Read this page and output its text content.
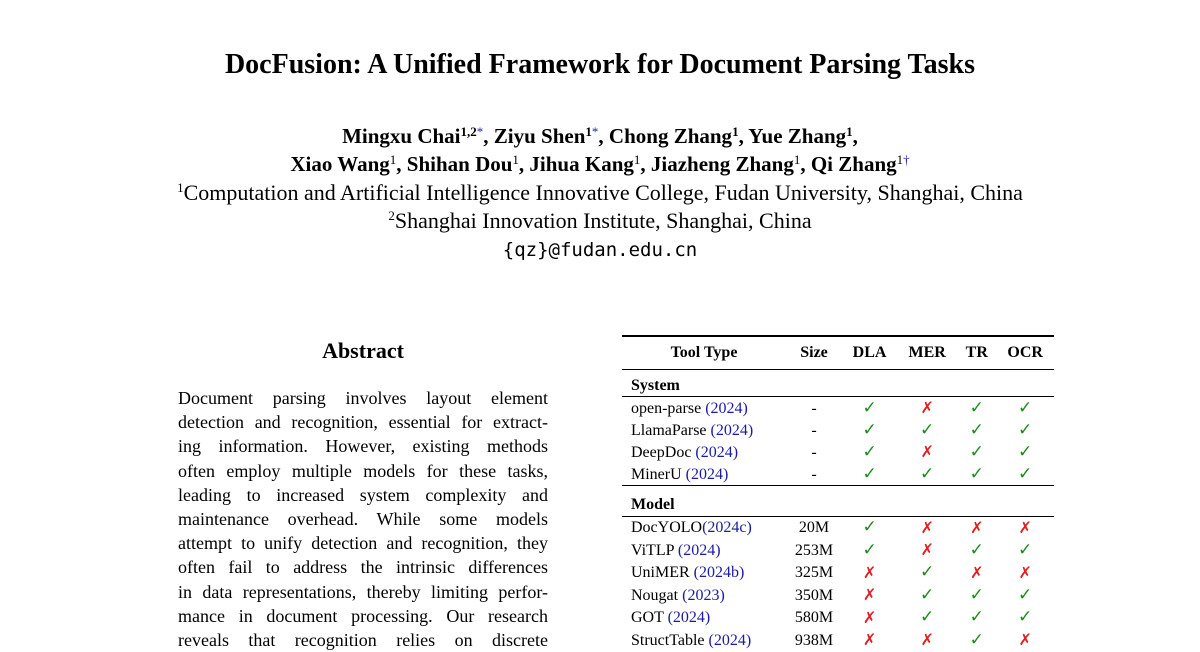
DocFusion: A Unified Framework for Document Parsing Tasks
Mingxu Chai$^{1,2*}$, Ziyu Shen$^{1*}$, Chong Zhang$^1$, Yue Zhang$^1$,
Xiao Wang$^1$, Shihan Dou$^1$, Jihua Kang$^1$, Jiazheng Zhang$^1$, Qi Zhang$^{1\dagger}$
$^1$Computation and Artificial Intelligence Innovative College, Fudan University, Shanghai, China
$^2$Shanghai Innovation Institute, Shanghai, China
{qz}@fudan.edu.cn
Abstract
Document parsing involves layout element
detection and recognition, essential for extract-
ing information. However, existing methods
often employ multiple models for these tasks,
leading to increased system complexity and
maintenance overhead. While some models
attempt to unify detection and recognition, they
often fail to address the intrinsic differences
in data representations, thereby limiting perfor-
mance in document processing. Our research
reveals that recognition relies on discrete
Tool Type	Size	DLA	MER	TR	OCR
System					
open-parse (2024)	-	✓	✗	✓	✓
LlamaParse (2024)	-	✓	✓	✓	✓
DeepDoc (2024)	-	✓	✗	✓	✓
MinerU (2024)	-	✓	✓	✓	✓
Model					
DocYOLO(2024c)	20M	✓	✗	✗	✗
ViTLP (2024)	253M	✓	✗	✓	✓
UniMER (2024b)	325M	✗	✓	✗	✗
Nougat (2023)	350M	✗	✓	✓	✓
GOT (2024)	580M	✗	✓	✓	✓
StructTable (2024)	938M	✗	✗	✓	✗
